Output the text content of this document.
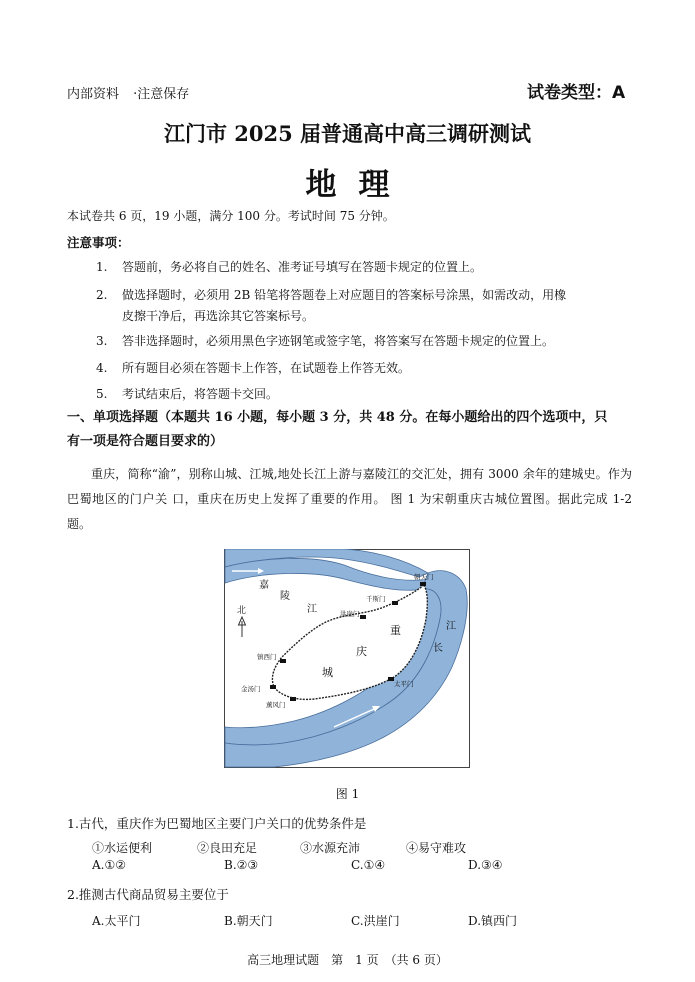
内部资料 ·注意保存	试卷类型：A
江门市 2025 届普通高中高三调研测试
地理
本试卷共 6 页，19 小题，满分 100 分。考试时间 75 分钟。
注意事项：
1. 答题前，务必将自己的姓名、准考证号填写在答题卡规定的位置上。
2. 做选择题时，必须用 2B 铅笔将答题卷上对应题目的答案标号涂黑，如需改动，用橡
皮擦干净后，再选涂其它答案标号。
3. 答非选择题时，必须用黑色字迹钢笔或签字笔，将答案写在答题卡规定的位置上。
4. 所有题目必须在答题卡上作答，在试题卷上作答无效。
5. 考试结束后，将答题卡交回。
一、单项选择题（本题共 16 小题，每小题 3 分，共 48 分。在每小题给出的四个选项中，只
有一项是符合题目要求的）
重庆，简称“渝”，别称山城、江城,地处长江上游与嘉陵江的交汇处，拥有 3000 余年的建城史。作为巴蜀地区的门户关 口，重庆在历史上发挥了重要的作用。 图 1 为宋朝重庆古城位置图。据此完成 1-2 题。
北
嘉
陵
江
江
长
重
庆
城
朝天门
千斯门
洪崖门
镇西门
金汤门
薰风门
太平门
图 1
1.古代，重庆作为巴蜀地区主要门户关口的优势条件是
①水运便利	②良田充足	③水源充沛	④易守难攻
A.①②	B.②③	C.①④	D.③④
2.推测古代商品贸易主要位于
A.太平门	B.朝天门	C.洪崖门	D.镇西门
高三地理试题　第　1 页　（共 6 页）
